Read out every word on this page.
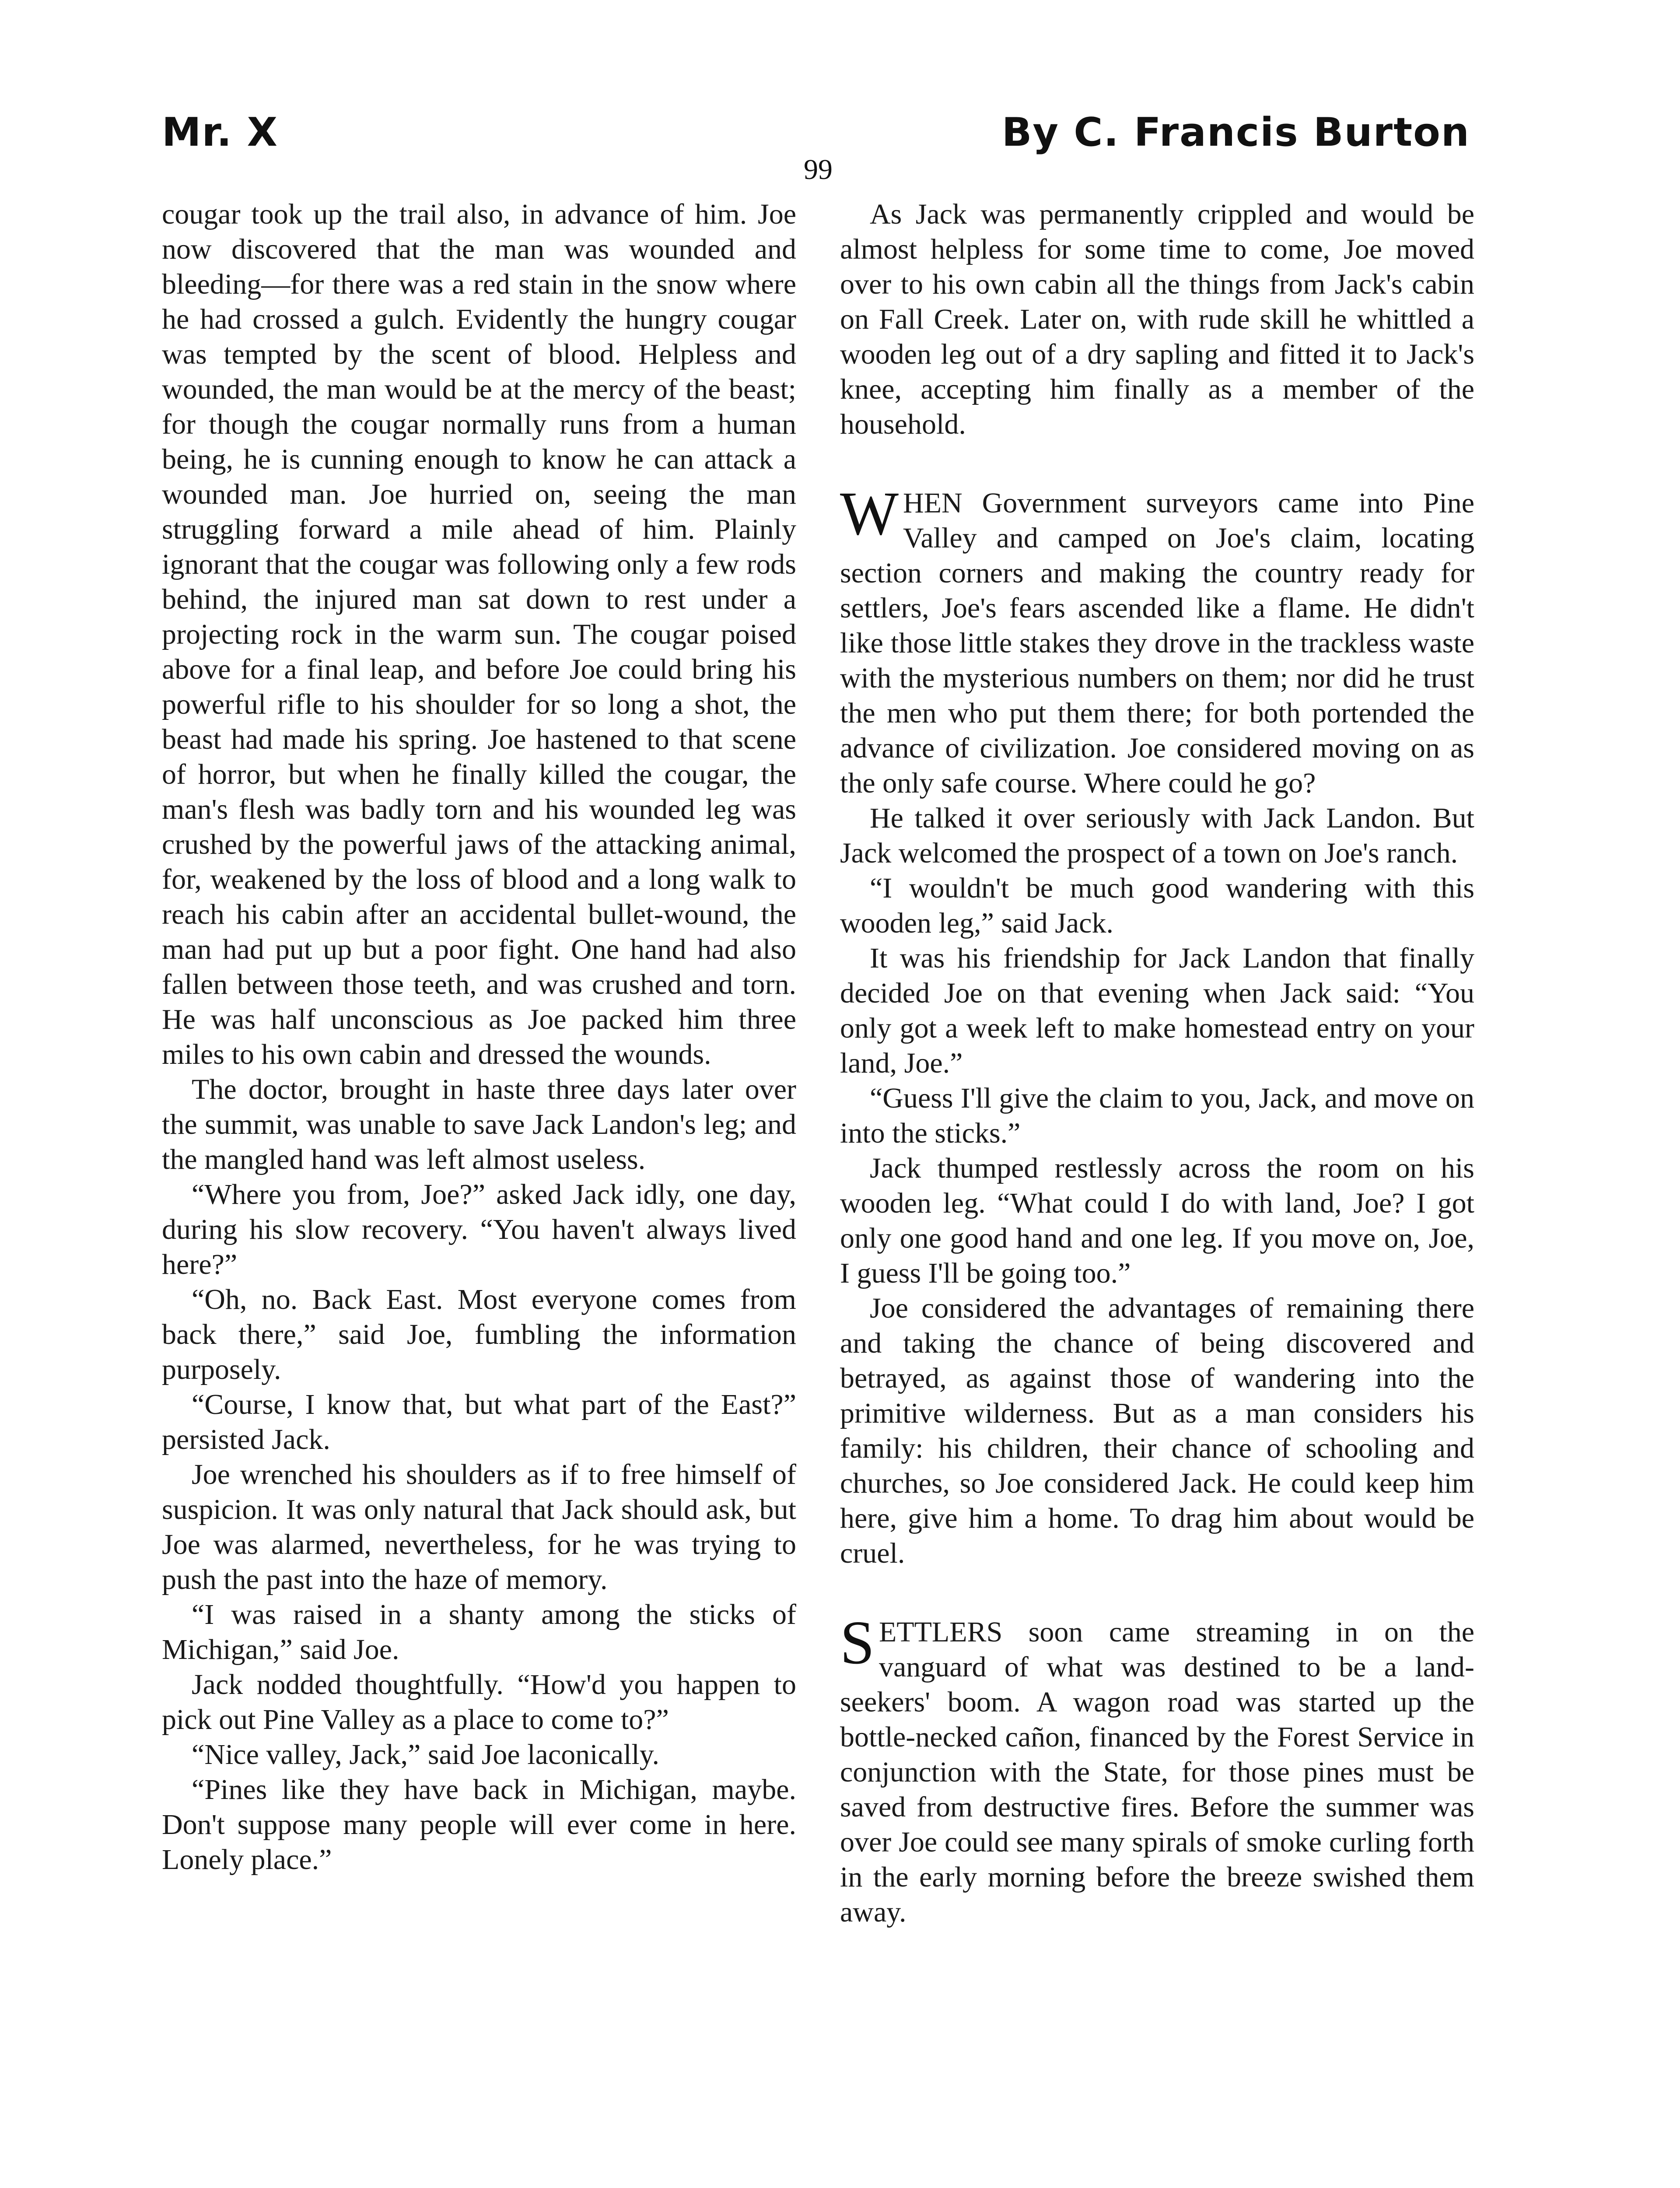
Mr. X	By C. Francis Burton
99

cougar took up the trail also, in advance of him. Joe now discovered that the man was wounded and bleeding—for there was a red stain in the snow where he had crossed a gulch. Evidently the hungry cougar was tempted by the scent of blood. Helpless and wounded, the man would be at the mercy of the beast; for though the cougar normally runs from a human being, he is cunning enough to know he can attack a wounded man. Joe hurried on, seeing the man struggling forward a mile ahead of him. Plainly ignorant that the cougar was following only a few rods behind, the injured man sat down to rest under a projecting rock in the warm sun. The cougar poised above for a final leap, and before Joe could bring his powerful rifle to his shoulder for so long a shot, the beast had made his spring. Joe hastened to that scene of horror, but when he finally killed the cougar, the man's flesh was badly torn and his wounded leg was crushed by the powerful jaws of the attacking animal, for, weakened by the loss of blood and a long walk to reach his cabin after an accidental bullet-wound, the man had put up but a poor fight. One hand had also fallen between those teeth, and was crushed and torn. He was half unconscious as Joe packed him three miles to his own cabin and dressed the wounds.

The doctor, brought in haste three days later over the summit, was unable to save Jack Landon's leg; and the mangled hand was left almost useless.

“Where you from, Joe?” asked Jack idly, one day, during his slow recovery. “You haven't always lived here?”

“Oh, no. Back East. Most everyone comes from back there,” said Joe, fumbling the information purposely.

“Course, I know that, but what part of the East?” persisted Jack.

Joe wrenched his shoulders as if to free himself of suspicion. It was only natural that Jack should ask, but Joe was alarmed, nevertheless, for he was trying to push the past into the haze of memory.

“I was raised in a shanty among the sticks of Michigan,” said Joe.

Jack nodded thoughtfully. “How'd you happen to pick out Pine Valley as a place to come to?”

“Nice valley, Jack,” said Joe laconically.

“Pines like they have back in Michigan, maybe. Don't suppose many people will ever come in here. Lonely place.”

As Jack was permanently crippled and would be almost helpless for some time to come, Joe moved over to his own cabin all the things from Jack's cabin on Fall Creek. Later on, with rude skill he whittled a wooden leg out of a dry sapling and fitted it to Jack's knee, accepting him finally as a member of the household.

WHEN Government surveyors came into Pine Valley and camped on Joe's claim, locating section corners and making the country ready for settlers, Joe's fears ascended like a flame. He didn't like those little stakes they drove in the trackless waste with the mysterious numbers on them; nor did he trust the men who put them there; for both portended the advance of civilization. Joe considered moving on as the only safe course. Where could he go?

He talked it over seriously with Jack Landon. But Jack welcomed the prospect of a town on Joe's ranch.

“I wouldn't be much good wandering with this wooden leg,” said Jack.

It was his friendship for Jack Landon that finally decided Joe on that evening when Jack said: “You only got a week left to make homestead entry on your land, Joe.”

“Guess I'll give the claim to you, Jack, and move on into the sticks.”

Jack thumped restlessly across the room on his wooden leg. “What could I do with land, Joe? I got only one good hand and one leg. If you move on, Joe, I guess I'll be going too.”

Joe considered the advantages of remaining there and taking the chance of being discovered and betrayed, as against those of wandering into the primitive wilderness. But as a man considers his family: his children, their chance of schooling and churches, so Joe considered Jack. He could keep him here, give him a home. To drag him about would be cruel.

SETTLERS soon came streaming in on the vanguard of what was destined to be a land-seekers' boom. A wagon road was started up the bottle-necked cañon, financed by the Forest Service in conjunction with the State, for those pines must be saved from destructive fires. Before the summer was over Joe could see many spirals of smoke curling forth in the early morning before the breeze swished them away.
